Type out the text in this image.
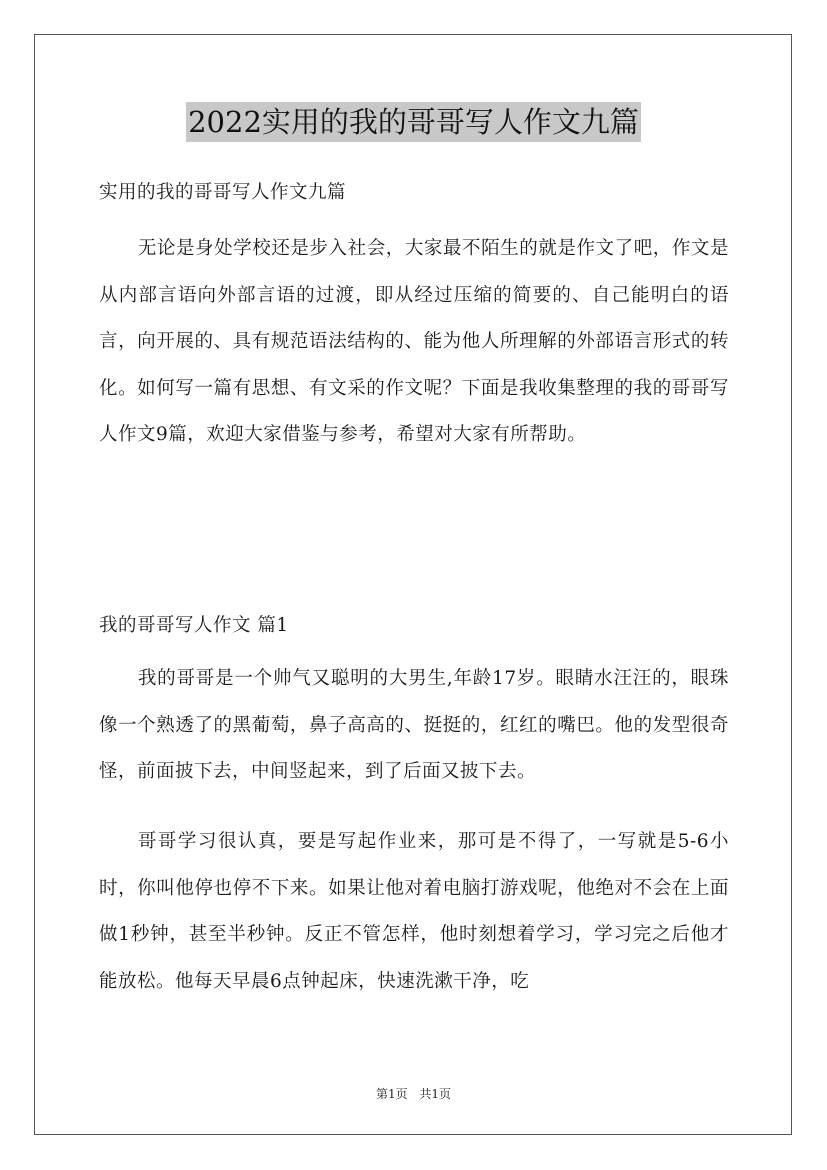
2022实用的我的哥哥写人作文九篇

实用的我的哥哥写人作文九篇

无论是身处学校还是步入社会，大家最不陌生的就是作文了吧，作文是从内部言语向外部言语的过渡，即从经过压缩的简要的、自己能明白的语言，向开展的、具有规范语法结构的、能为他人所理解的外部语言形式的转化。如何写一篇有思想、有文采的作文呢？下面是我收集整理的我的哥哥写人作文9篇，欢迎大家借鉴与参考，希望对大家有所帮助。

我的哥哥写人作文 篇1

我的哥哥是一个帅气又聪明的大男生,年龄17岁。眼睛水汪汪的，眼珠像一个熟透了的黑葡萄，鼻子高高的、挺挺的，红红的嘴巴。他的发型很奇怪，前面披下去，中间竖起来，到了后面又披下去。

哥哥学习很认真，要是写起作业来，那可是不得了，一写就是5-6小时，你叫他停也停不下来。如果让他对着电脑打游戏呢，他绝对不会在上面做1秒钟，甚至半秒钟。反正不管怎样，他时刻想着学习，学习完之后他才能放松。他每天早晨6点钟起床，快速洗漱干净，吃

第1页 共1页
